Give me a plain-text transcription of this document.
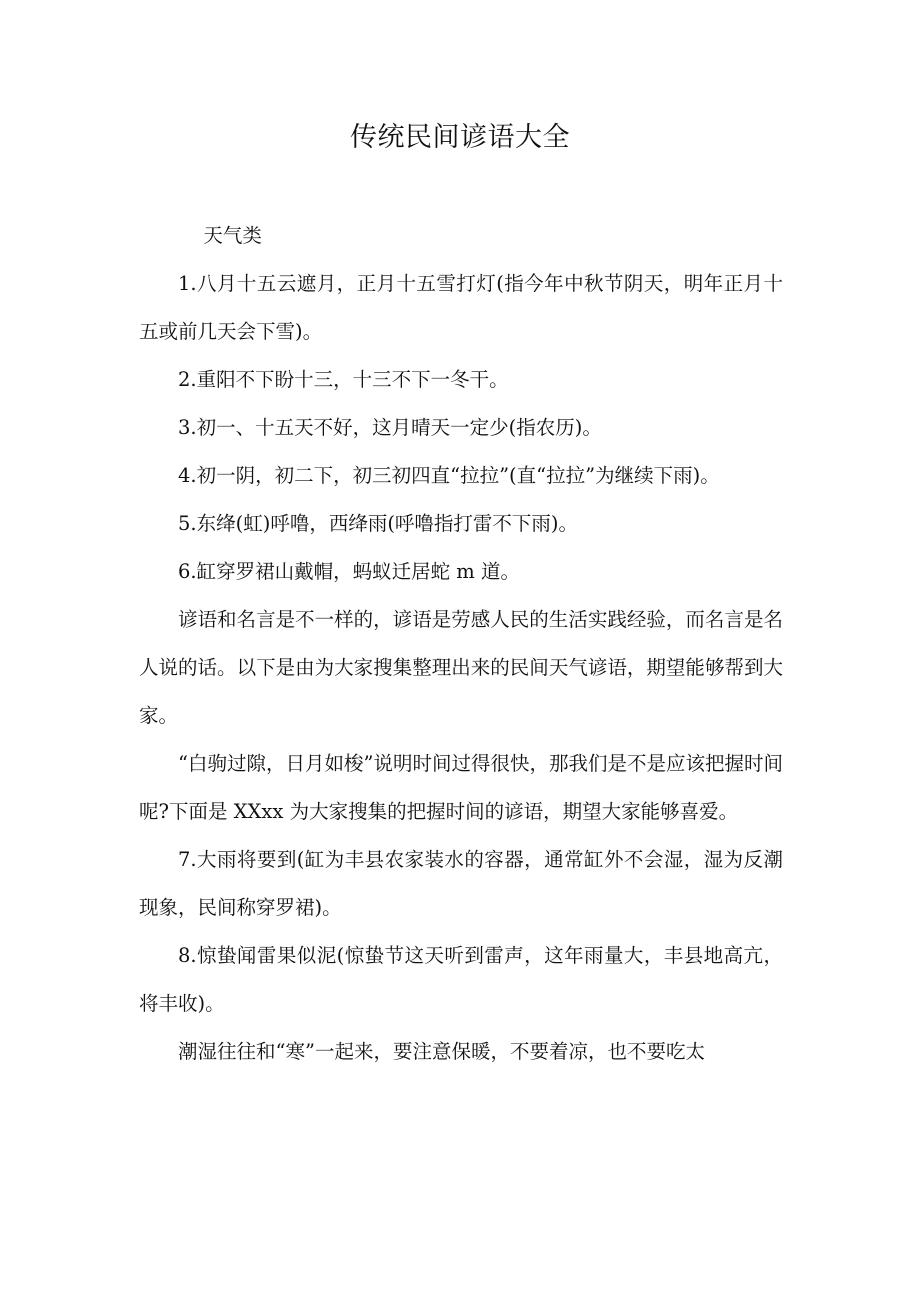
传统民间谚语大全

天气类

1.八月十五云遮月，正月十五雪打灯(指今年中秋节阴天，明年正月十五或前几天会下雪)。

2.重阳不下盼十三，十三不下一冬干。

3.初一、十五天不好，这月晴天一定少(指农历)。

4.初一阴，初二下，初三初四直“拉拉”(直“拉拉”为继续下雨)。

5.东绛(虹)呼噜，西绛雨(呼噜指打雷不下雨)。

6.缸穿罗裙山戴帽，蚂蚁迁居蛇 m 道。

谚语和名言是不一样的，谚语是劳感人民的生活实践经验，而名言是名人说的话。以下是由为大家搜集整理出来的民间天气谚语，期望能够帮到大家。

“白驹过隙，日月如梭”说明时间过得很快，那我们是不是应该把握时间呢?下面是 XXxx 为大家搜集的把握时间的谚语，期望大家能够喜爱。

7.大雨将要到(缸为丰县农家装水的容器，通常缸外不会湿，湿为反潮现象，民间称穿罗裙)。

8.惊蛰闻雷果似泥(惊蛰节这天听到雷声，这年雨量大，丰县地高亢，将丰收)。

潮湿往往和“寒”一起来，要注意保暖，不要着凉，也不要吃太
